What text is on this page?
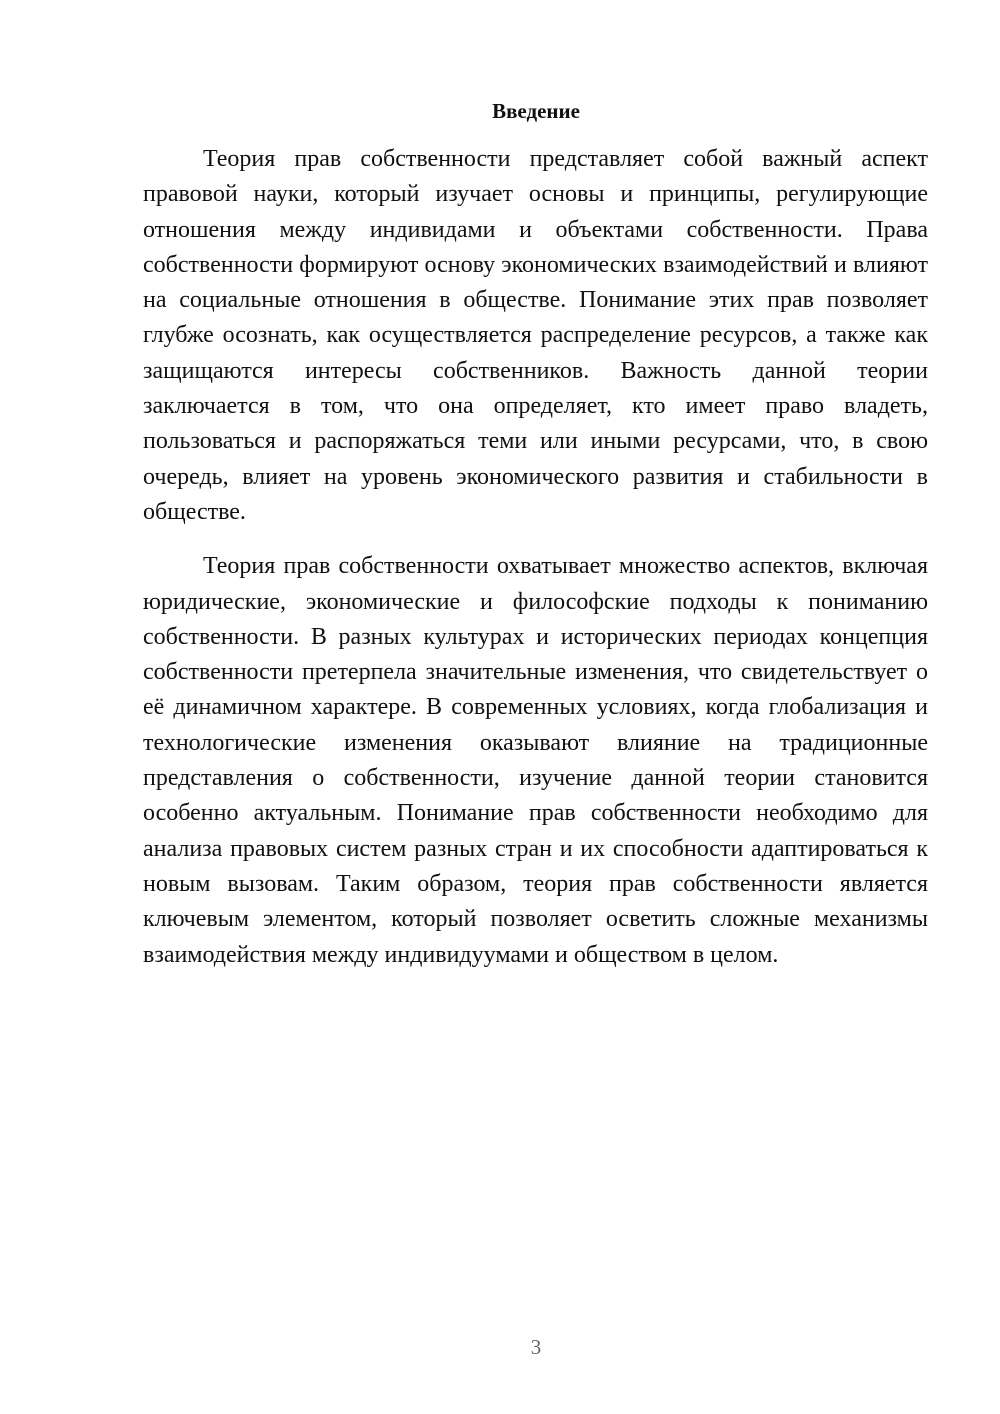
Введение

Теория прав собственности представляет собой важный аспект правовой науки, который изучает основы и принципы, регулирующие отношения между индивидами и объектами собственности. Права собственности формируют основу экономических взаимодействий и влияют на социальные отношения в обществе. Понимание этих прав позволяет глубже осознать, как осуществляется распределение ресурсов, а также как защищаются интересы собственников. Важность данной теории заключается в том, что она определяет, кто имеет право владеть, пользоваться и распоряжаться теми или иными ресурсами, что, в свою очередь, влияет на уровень экономического развития и стабильности в обществе.

Теория прав собственности охватывает множество аспектов, включая юридические, экономические и философские подходы к пониманию собственности. В разных культурах и исторических периодах концепция собственности претерпела значительные изменения, что свидетельствует о её динамичном характере. В современных условиях, когда глобализация и технологические изменения оказывают влияние на традиционные представления о собственности, изучение данной теории становится особенно актуальным. Понимание прав собственности необходимо для анализа правовых систем разных стран и их способности адаптироваться к новым вызовам. Таким образом, теория прав собственности является ключевым элементом, который позволяет осветить сложные механизмы взаимодействия между индивидуумами и обществом в целом.

3
